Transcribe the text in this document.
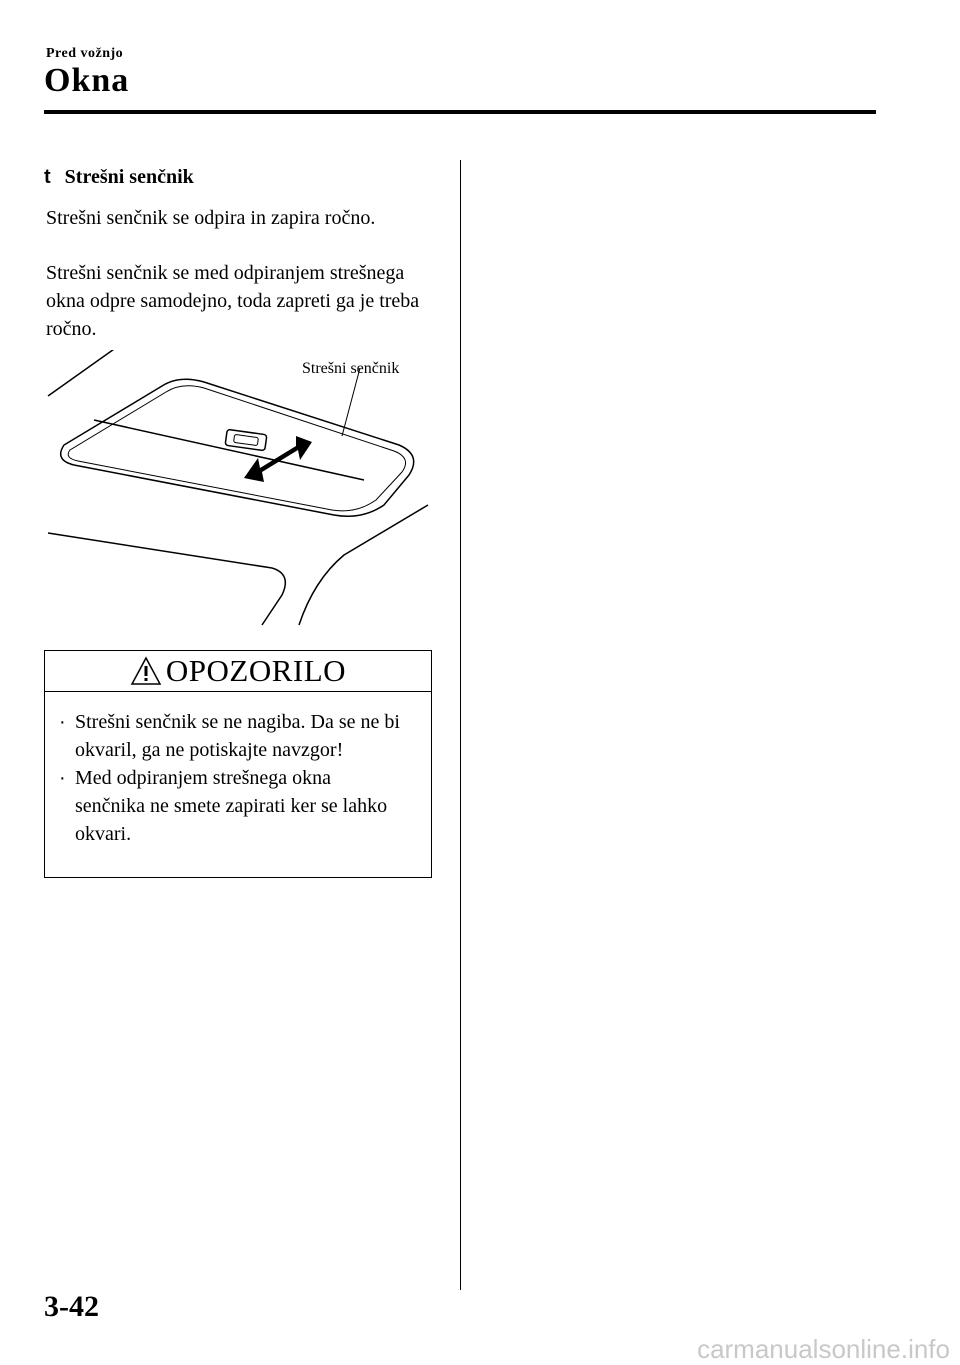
Pred vožnjo
Okna
t Strešni senčnik
Strešni senčnik se odpira in zapira ročno.
Strešni senčnik se med odpiranjem strešnega okna odpre samodejno, toda zapreti ga je treba ročno.
Strešni senčnik
OPOZORILO
· Strešni senčnik se ne nagiba. Da se ne bi okvaril, ga ne potiskajte navzgor!
· Med odpiranjem strešnega okna senčnika ne smete zapirati ker se lahko okvari.
3-42
carmanualsonline.info
